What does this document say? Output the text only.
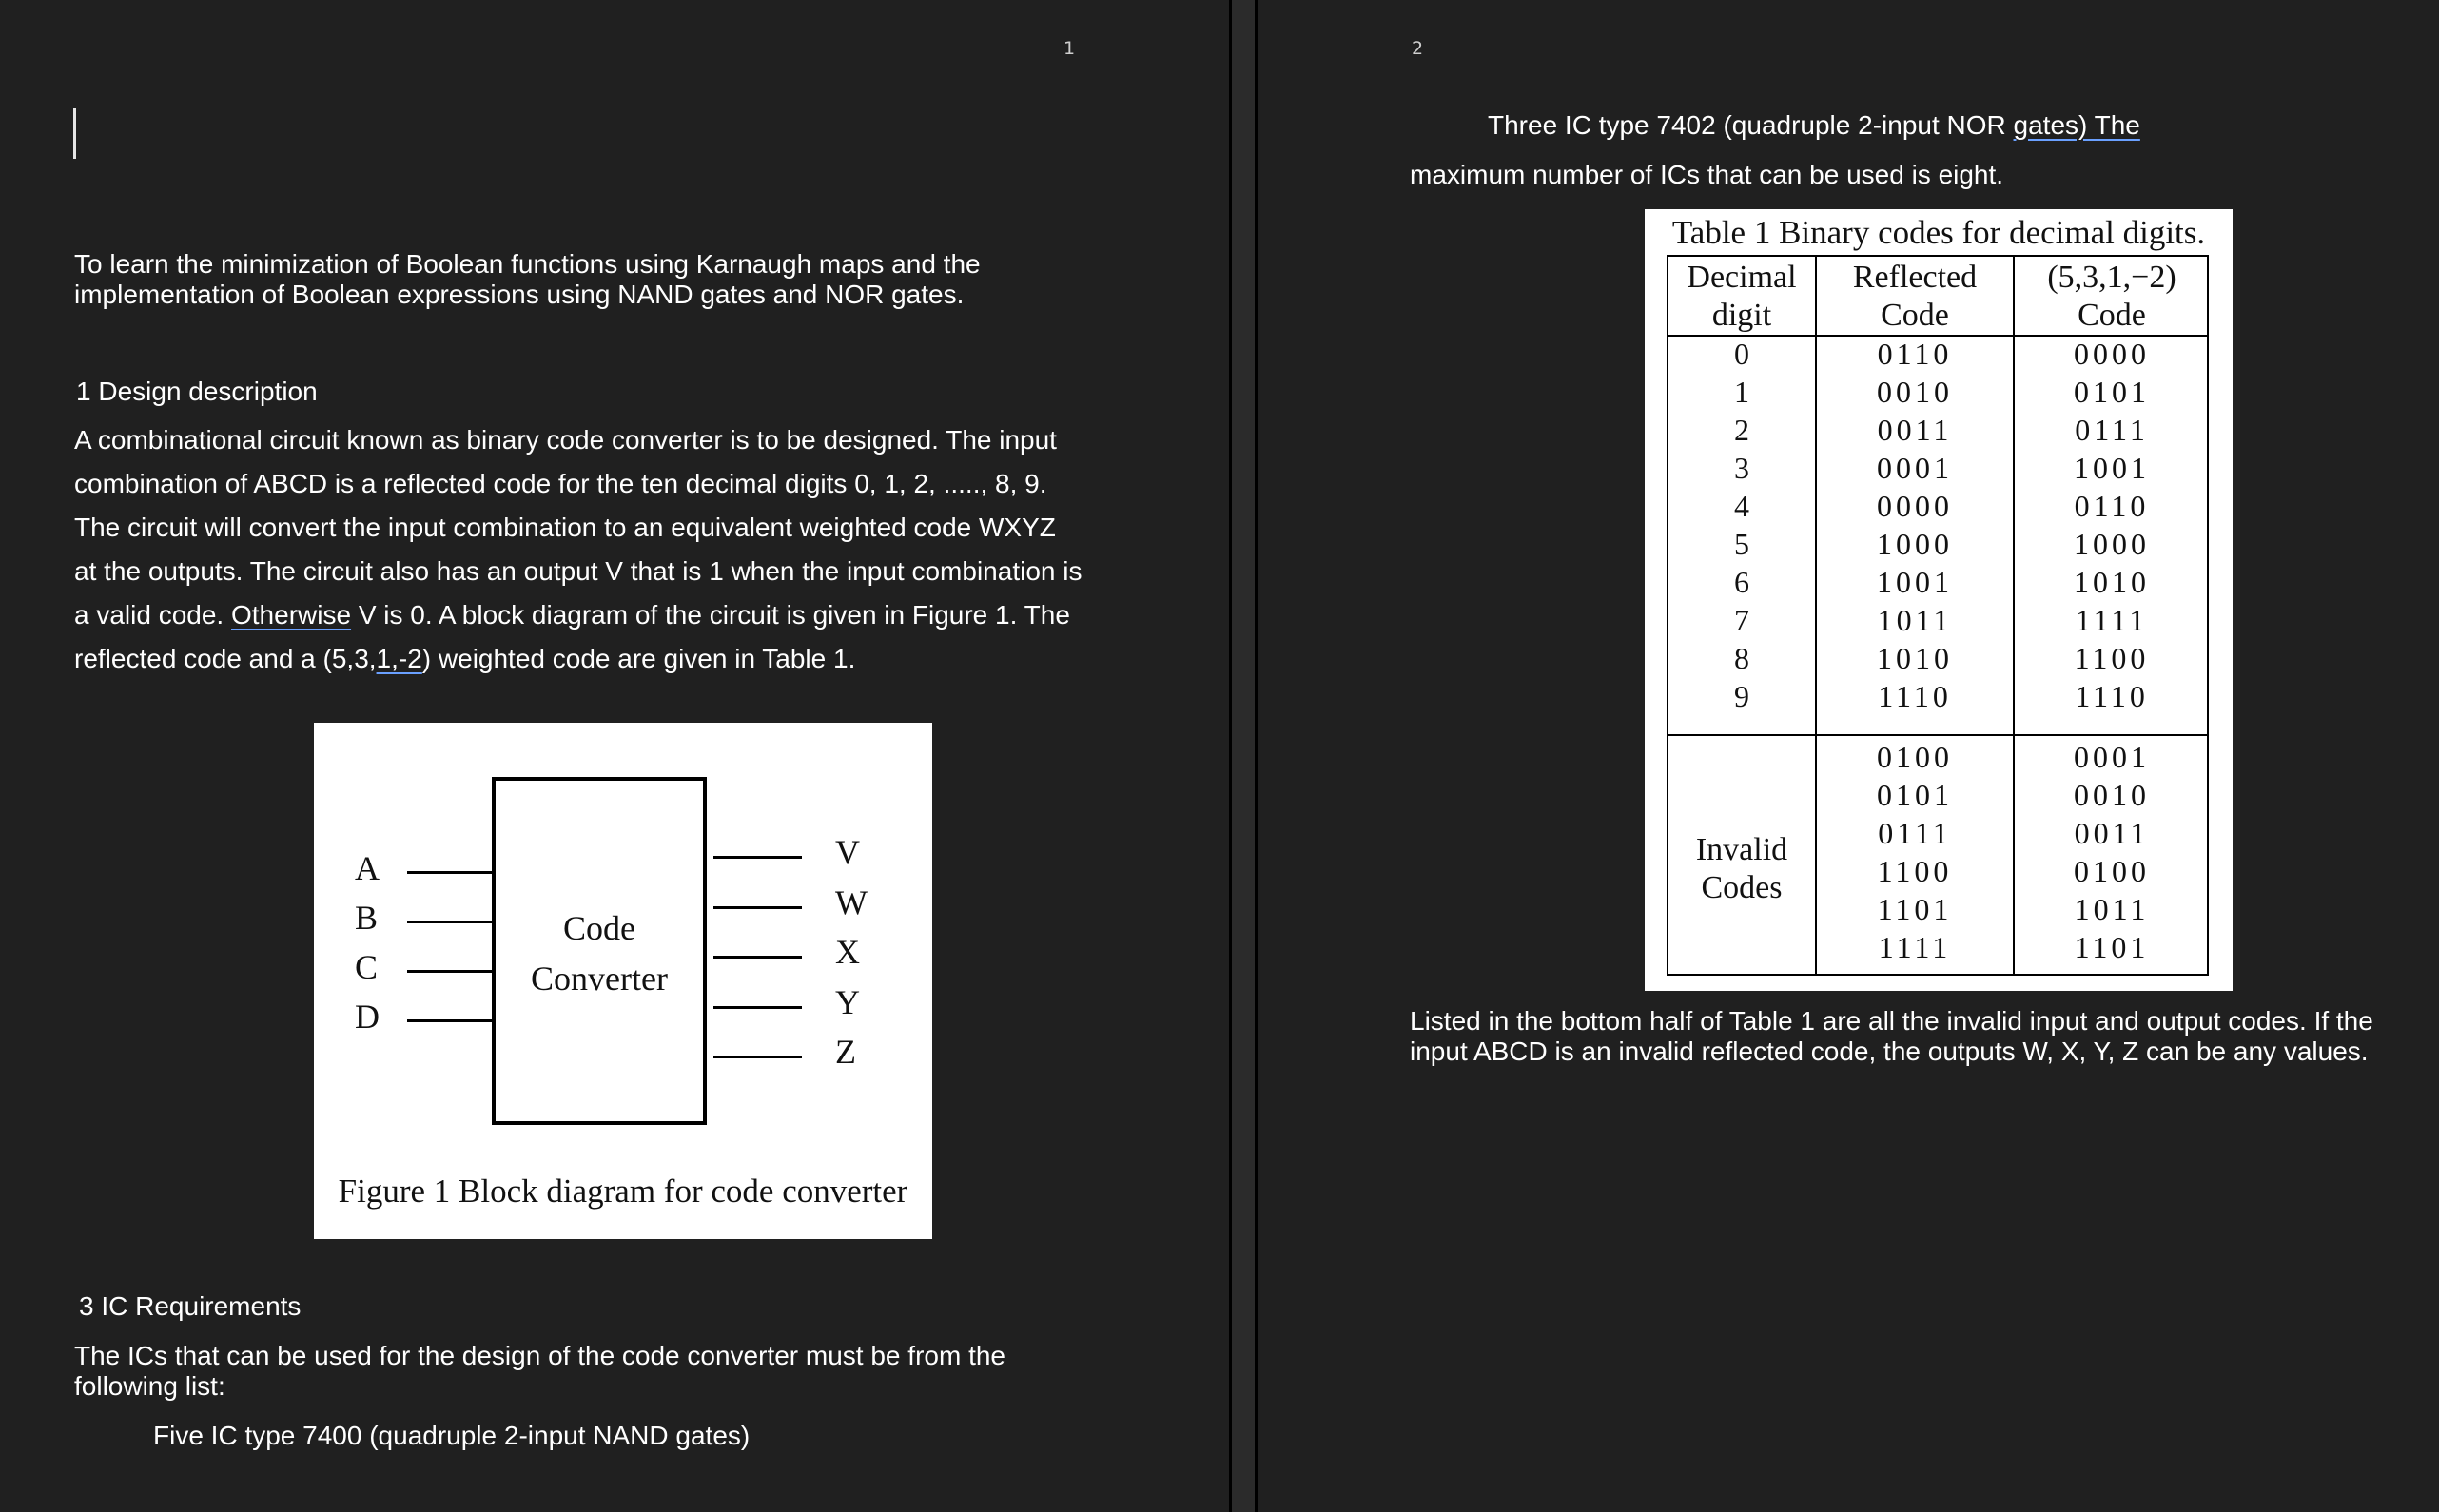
1
To learn the minimization of Boolean functions using Karnaugh maps and the implementation of Boolean expressions using NAND gates and NOR gates.
1 Design description
A combinational circuit known as binary code converter is to be designed. The input combination of ABCD is a reflected code for the ten decimal digits 0, 1, 2, ....., 8, 9. The circuit will convert the input combination to an equivalent weighted code WXYZ at the outputs. The circuit also has an output V that is 1 when the input combination is a valid code. Otherwise V is 0. A block diagram of the circuit is given in Figure 1. The reflected code and a (5,3,1,-2) weighted code are given in Table 1.
A
B
C
D
Code
Converter
V
W
X
Y
Z
Figure 1 Block diagram for code converter
3 IC Requirements
The ICs that can be used for the design of the code converter must be from the following list:
Five IC type 7400 (quadruple 2-input NAND gates)
2
Three IC type 7402 (quadruple 2-input NOR gates) The
maximum number of ICs that can be used is eight.
Table 1 Binary codes for decimal digits.
Decimal
digit
Reflected
Code
(5,3,1,−2)
Code
0
1
2
3
4
5
6
7
8
9
0110
0010
0011
0001
0000
1000
1001
1011
1010
1110
0000
0101
0111
1001
0110
1000
1010
1111
1100
1110
Invalid
Codes
0100
0101
0111
1100
1101
1111
0001
0010
0011
0100
1011
1101
Listed in the bottom half of Table 1 are all the invalid input and output codes. If the input ABCD is an invalid reflected code, the outputs W, X, Y, Z can be any values.
